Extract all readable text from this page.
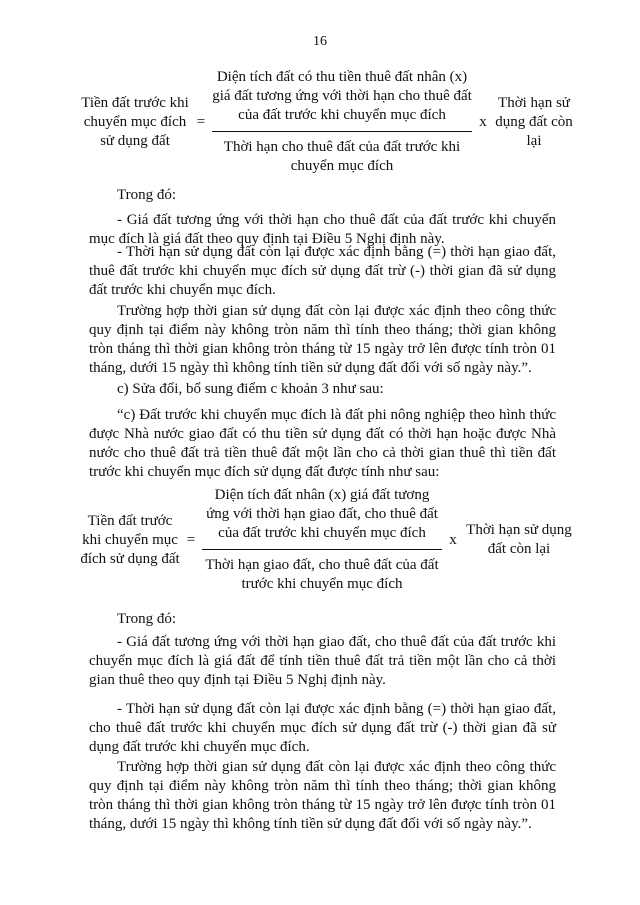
16
Tiền đất trước khi chuyển mục đích sử dụng đất
=
Diện tích đất có thu tiền thuê đất nhân (x) giá đất tương ứng với thời hạn cho thuê đất của đất trước khi chuyển mục đích
Thời hạn cho thuê đất của đất trước khi chuyển mục đích
x
Thời hạn sử dụng đất còn lại

Trong đó:

- Giá đất tương ứng với thời hạn cho thuê đất của đất trước khi chuyển mục đích là giá đất theo quy định tại Điều 5 Nghị định này.

- Thời hạn sử dụng đất còn lại được xác định bằng (=) thời hạn giao đất, thuê đất trước khi chuyển mục đích sử dụng đất trừ (-) thời gian đã sử dụng đất trước khi chuyển mục đích.

Trường hợp thời gian sử dụng đất còn lại được xác định theo công thức quy định tại điểm này không tròn năm thì tính theo tháng; thời gian không tròn tháng thì thời gian không tròn tháng từ 15 ngày trở lên được tính tròn 01 tháng, dưới 15 ngày thì không tính tiền sử dụng đất đối với số ngày này.”.

c) Sửa đổi, bổ sung điểm c khoản 3 như sau:

“c) Đất trước khi chuyển mục đích là đất phi nông nghiệp theo hình thức được Nhà nước giao đất có thu tiền sử dụng đất có thời hạn hoặc được Nhà nước cho thuê đất trả tiền thuê đất một lần cho cả thời gian thuê thì tiền đất trước khi chuyển mục đích sử dụng đất được tính như sau:

Tiền đất trước khi chuyển mục đích sử dụng đất
=
Diện tích đất nhân (x) giá đất tương ứng với thời hạn giao đất, cho thuê đất của đất trước khi chuyển mục đích
Thời hạn giao đất, cho thuê đất của đất trước khi chuyển mục đích
x
Thời hạn sử dụng đất còn lại

Trong đó:

- Giá đất tương ứng với thời hạn giao đất, cho thuê đất của đất trước khi chuyển mục đích là giá đất để tính tiền thuê đất trả tiền một lần cho cả thời gian thuê theo quy định tại Điều 5 Nghị định này.

- Thời hạn sử dụng đất còn lại được xác định bằng (=) thời hạn giao đất, cho thuê đất trước khi chuyển mục đích sử dụng đất trừ (-) thời gian đã sử dụng đất trước khi chuyển mục đích.

Trường hợp thời gian sử dụng đất còn lại được xác định theo công thức quy định tại điểm này không tròn năm thì tính theo tháng; thời gian không tròn tháng thì thời gian không tròn tháng từ 15 ngày trở lên được tính tròn 01 tháng, dưới 15 ngày thì không tính tiền sử dụng đất đối với số ngày này.”.
